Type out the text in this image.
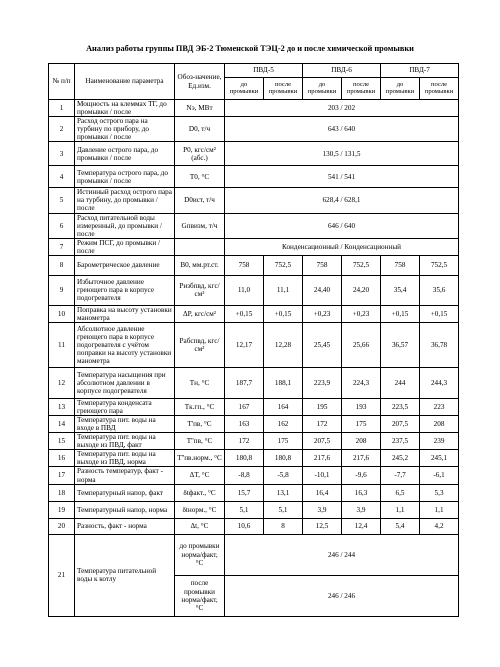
Анализ работы группы ПВД ЭБ-2 Тюменской ТЭЦ-2 до и после химической промывки
№ п/п	Наименование параметра	Обоз-начение, Ед.изм.	ПВД-5		ПВД-6		ПВД-7	
			до промывки	после промывки	до промывки	после промывки	до промывки	после промывки
1	Мощность на клеммах ТГ, до промывки / после	Nэ, МВт	203 / 202					
2	Расход острого пара на турбину по прибору, до промывки / после	D0, т/ч	643 / 640					
3	Давление острого пара, до промывки / после	P0, кгс/см² (абс.)	130,5 / 131,5					
4	Температура острого пара, до промывки / после	T0, °C	541 / 541					
5	Истинный расход острого пара на турбину, до промывки / после	D0ист, т/ч	628,4 / 628,1					
6	Расход питательной воды измеренный, до промывки / после	Gпвизм, т/ч	646 / 640					
7	Режим ПСГ, до промывки / после		Конденсационный / Конденсационный					
8	Барометрическое давление	B0, мм.рт.ст.	758	752,5	758	752,5	758	752,5
9	Избыточное давление греющего пара в корпусе подогревателя	Pизбпвд, кгс/см²	11,0	11,1	24,40	24,20	35,4	35,6
10	Поправка на высоту установки манометра	ΔP, кгс/см²	+0,15	+0,15	+0,23	+0,23	+0,15	+0,15
11	Абсолютное давление греющего пара в корпусе подогревателя с учётом поправки на высоту установки манометра	Pабспвд, кгс/см²	12,17	12,28	25,45	25,66	36,57	36,78
12	Температура насыщения при абсолютном давлении в корпусе подогревателя	Tн, °C	187,7	188,1	223,9	224,3	244	244,3
13	Температура конденсата греющего пара	Tк.гп., °C	167	164	195	193	223,5	223
14	Температура пит. воды на входе в ПВД	T'пв, °C	163	162	172	175	207,5	208
15	Температура пит. воды на выходе из ПВД, факт	T''пв, °C	172	175	207,5	208	237,5	239
16	Температура пит. воды на выходе из ПВД, норма	T''пв.норм., °C	180,8	180,8	217,6	217,6	245,2	245,1
17	Разность температур, факт - норма	ΔT, °C	-8,8	-5,8	-10,1	-9,6	-7,7	-6,1
18	Температурный напор, факт	δtфакт., °C	15,7	13,1	16,4	16,3	6,5	5,3
19	Температурный напор, норма	δtнорм., °C	5,1	5,1	3,9	3,9	1,1	1,1
20	Разность, факт - норма	Δt, °C	10,6	8	12,5	12,4	5,4	4,2
21	Температура питательной воды к котлу	до промывки норма/факт, °C	246 / 244					
		после промывки норма/факт, °C	246 / 246					
